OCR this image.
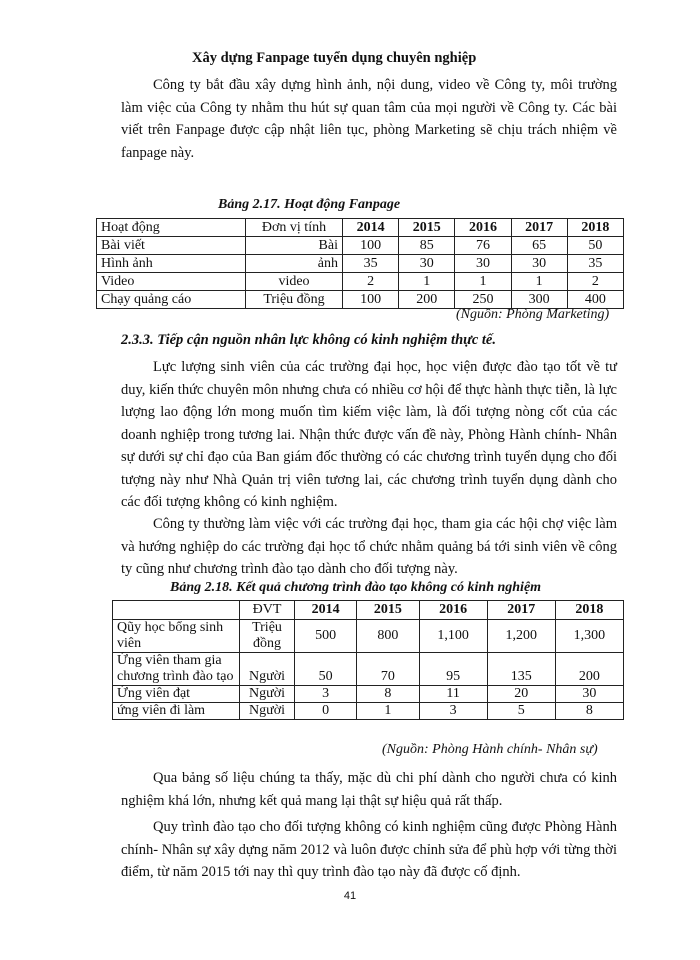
Xây dựng Fanpage tuyển dụng chuyên nghiệp

Công ty bắt đầu xây dựng hình ảnh, nội dung, video về Công ty, môi trường làm việc của Công ty nhằm thu hút sự quan tâm của mọi người về Công ty. Các bài viết trên Fanpage được cập nhật liên tục, phòng Marketing sẽ chịu trách nhiệm về fanpage này.

Bảng 2.17. Hoạt động Fanpage
Hoạt động	Đơn vị tính	2014	2015	2016	2017	2018
Bài viết	Bài	100	85	76	65	50
Hình ảnh	ảnh	35	30	30	30	35
Video	video	2	1	1	1	2
Chạy quảng cáo	Triệu đồng	100	200	250	300	400
(Nguồn: Phòng Marketing)
2.3.3. Tiếp cận nguồn nhân lực không có kinh nghiệm thực tế.

Lực lượng sinh viên của các trường đại học, học viện được đào tạo tốt về tư duy, kiến thức chuyên môn nhưng chưa có nhiều cơ hội để thực hành thực tiễn, là lực lượng lao động lớn mong muốn tìm kiếm việc làm, là đối tượng nòng cốt của các doanh nghiệp trong tương lai. Nhận thức được vấn đề này, Phòng Hành chính- Nhân sự dưới sự chỉ đạo của Ban giám đốc thường có các chương trình tuyển dụng cho đối tượng này như Nhà Quản trị viên tương lai, các chương trình tuyển dụng dành cho các đối tượng không có kinh nghiệm.

Công ty thường làm việc với các trường đại học, tham gia các hội chợ việc làm và hướng nghiệp do các trường đại học tổ chức nhằm quảng bá tới sinh viên về công ty cũng như chương trình đào tạo dành cho đối tượng này.

Bảng 2.18. Kết quả chương trình đào tạo không có kinh nghiệm
	ĐVT	2014	2015	2016	2017	2018
Qũy học bổng sinh viên	Triệu đồng	500	800	1,100	1,200	1,300
Ứng viên tham gia chương trình đào tạo	Người	50	70	95	135	200
Ứng viên đạt	Người	3	8	11	20	30
ứng viên đi làm	Người	0	1	3	5	8
(Nguồn: Phòng Hành chính- Nhân sự)

Qua bảng số liệu chúng ta thấy, mặc dù chi phí dành cho người chưa có kinh nghiệm khá lớn, nhưng kết quả mang lại thật sự hiệu quả rất thấp.

Quy trình đào tạo cho đối tượng không có kinh nghiệm cũng được Phòng Hành chính- Nhân sự xây dựng năm 2012 và luôn được chỉnh sửa để phù hợp với từng thời điểm, từ năm 2015 tới nay thì quy trình đào tạo này đã được cố định.

41
